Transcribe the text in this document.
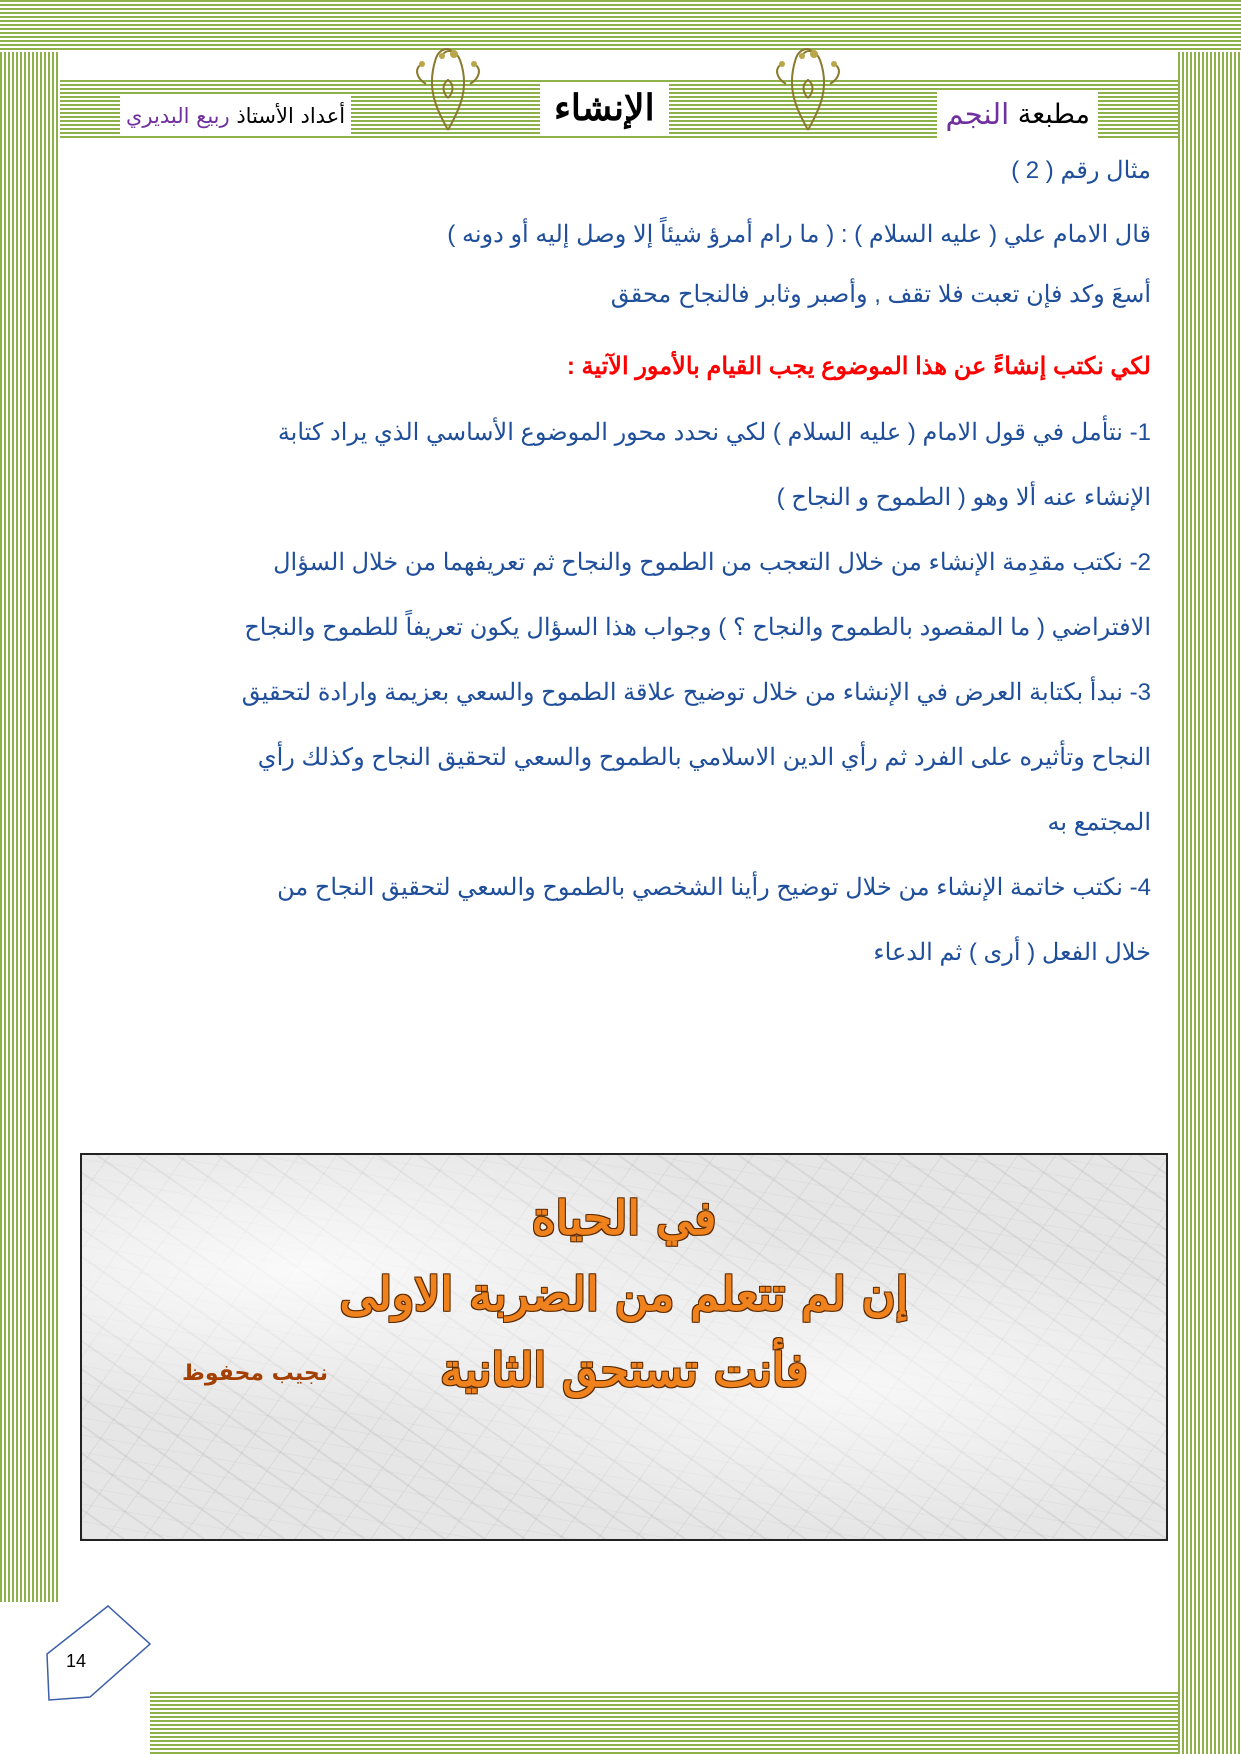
مطبعة

النجم
الإنشاء
أعداد الأستاذ

ربيع البديري
مثال رقم ( 2 )
قال الامام علي ( عليه السلام ) : ( ما رام أمرؤ شيئاً إلا وصل إليه أو دونه )
أسعَ وكد فإن تعبت فلا تقف , وأصبر وثابر فالنجاح محقق
لكي نكتب إنشاءً عن هذا الموضوع يجب القيام بالأمور الآتية :
1- نتأمل في قول الامام ( عليه السلام ) لكي نحدد محور الموضوع الأساسي الذي يراد كتابة
الإنشاء عنه ألا وهو ( الطموح و النجاح )
2- نكتب مقدِمة الإنشاء من خلال التعجب من الطموح والنجاح ثم تعريفهما من خلال السؤال
الافتراضي ( ما المقصود بالطموح والنجاح ؟ ) وجواب هذا السؤال يكون تعريفاً للطموح والنجاح
3- نبدأ بكتابة العرض في الإنشاء من خلال توضيح علاقة الطموح والسعي بعزيمة وارادة لتحقيق
النجاح وتأثيره على الفرد ثم رأي الدين الاسلامي بالطموح والسعي لتحقيق النجاح وكذلك رأي
المجتمع به
4- نكتب خاتمة الإنشاء من خلال توضيح رأينا الشخصي بالطموح والسعي لتحقيق النجاح من
خلال الفعل ( أرى ) ثم الدعاء
في الحياة
إن لم تتعلم من الضربة الاولى
فأنت تستحق الثانية
نجيب محفوظ
14
